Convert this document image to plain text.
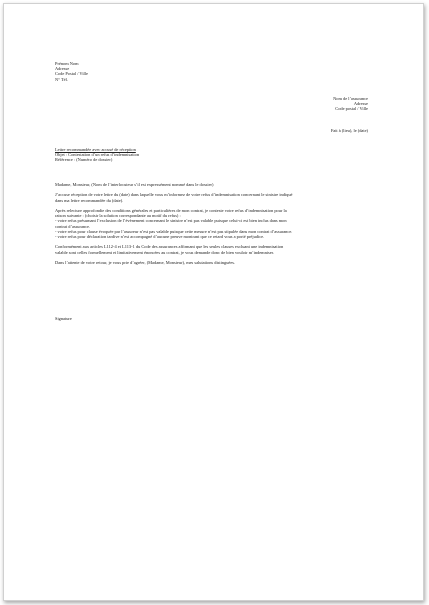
Prénom Nom
Adresse
Code Postal / Ville
N° Tél.
Nom de l’assurance
Adresse
Code postal / Ville
Fait à (lieu), le (date)
Lettre recommandée avec accusé de réception
Objet : Contestation d’un refus d’indemnisation
Référence : (Numéro de dossier)

Madame, Monsieur, (Nom de l’interlocuteur s’il est expressément nommé dans le dossier)

J’accuse réception de votre lettre du (date) dans laquelle vous m’informez de votre refus d’indemnisation concernant le sinistre indiqué
dans ma lettre recommandée du (date).

Après relecture approfondie des conditions générales et particulières de mon contrat, je conteste votre refus d’indemnisation pour la
raison suivante : (choisir la solution correspondante au motif du refus) :
- votre refus présumant l’exclusion de l’évènement concernant le sinistre n’est pas valable puisque celui-ci est bien inclus dans mon
contrat d’assurance.
- votre refus pour clause évoquée par l’assureur n’est pas valable puisque cette mesure n’est pas stipulée dans mon contrat d’assurance.
- votre refus pour déclaration tardive n’est accompagné d’aucune preuve montrant que ce retard vous a porté préjudice.

Conformément aux articles L112-4 et L113-1 du Code des assurances affirmant que les seules clauses excluant une indemnisation
valable sont celles formellement et limitativement énoncées au contrat, je vous demande donc de bien vouloir m’indemniser.

Dans l’attente de votre retour, je vous prie d’agréer, (Madame, Monsieur), mes salutations distinguées.

Signature
